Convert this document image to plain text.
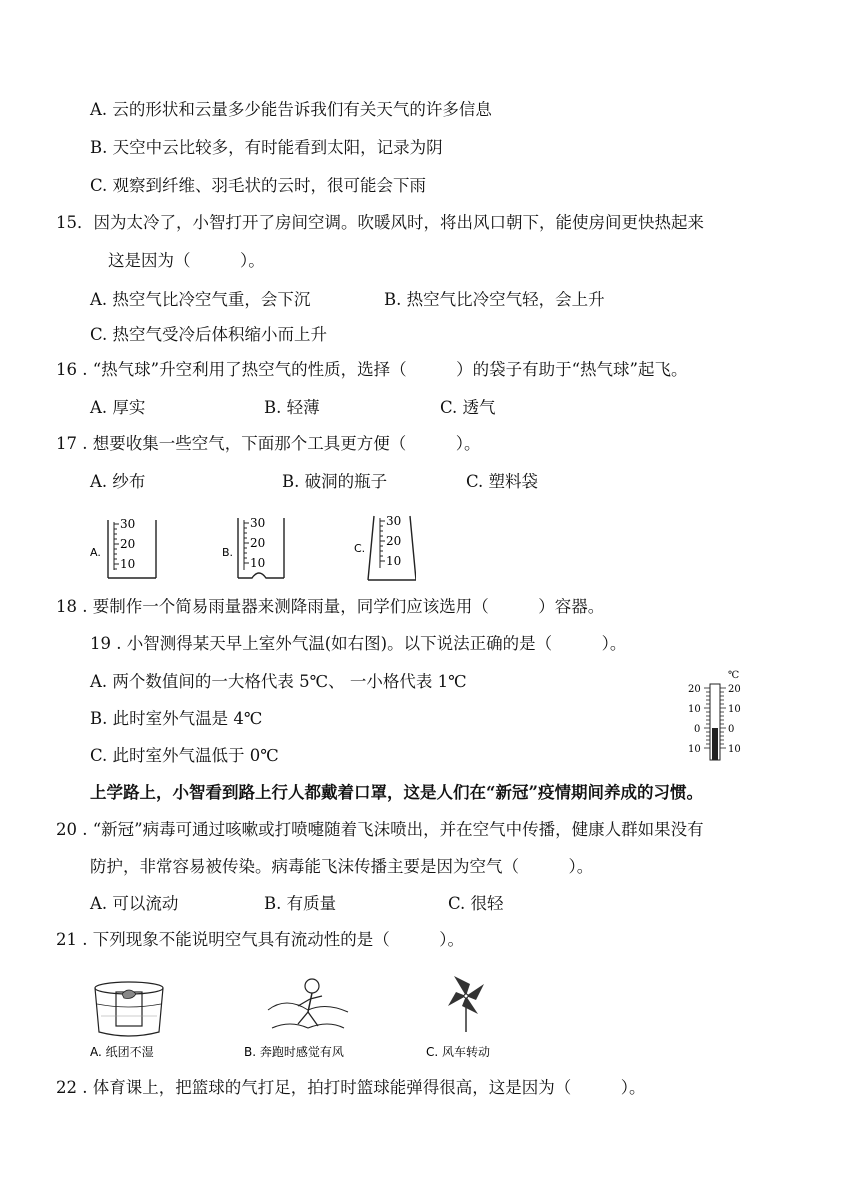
A. 云的形状和云量多少能告诉我们有关天气的许多信息
B. 天空中云比较多，有时能看到太阳，记录为阴
C. 观察到纤维、羽毛状的云时，很可能会下雨
15．因为太冷了，小智打开了房间空调。吹暖风时，将出风口朝下，能使房间更快热起来
这是因为（　　　）。
A. 热空气比冷空气重，会下沉	B. 热空气比冷空气轻，会上升
C. 热空气受冷后体积缩小而上升
16 . “热气球”升空利用了热空气的性质，选择（　　　）的袋子有助于“热气球”起飞。
A. 厚实	B. 轻薄	C. 透气
17 . 想要收集一些空气，下面那个工具更方便（　　　）。
A. 纱布	B. 破洞的瓶子	C. 塑料袋
A.
30
20
10
B.
30
20
10
C.
30
20
10
18 . 要制作一个简易雨量器来测降雨量，同学们应该选用（　　　）容器。
19 . 小智测得某天早上室外气温(如右图)。以下说法正确的是（　　　）。
A. 两个数值间的一大格代表 5℃、 一小格代表 1℃
B. 此时室外气温是 4℃
C. 此时室外气温低于 0℃
℃
20
10
0
10
20
10
0
10
上学路上，小智看到路上行人都戴着口罩，这是人们在“新冠”疫情期间养成的习惯。
20 . “新冠”病毒可通过咳嗽或打喷嚏随着飞沫喷出，并在空气中传播，健康人群如果没有
防护，非常容易被传染。病毒能飞沫传播主要是因为空气（　　　）。
A. 可以流动	B. 有质量	C. 很轻
21 . 下列现象不能说明空气具有流动性的是（　　　）。
A. 纸团不湿	B. 奔跑时感觉有风	C. 风车转动
22 . 体育课上，把篮球的气打足，拍打时篮球能弹得很高，这是因为（　　　）。
